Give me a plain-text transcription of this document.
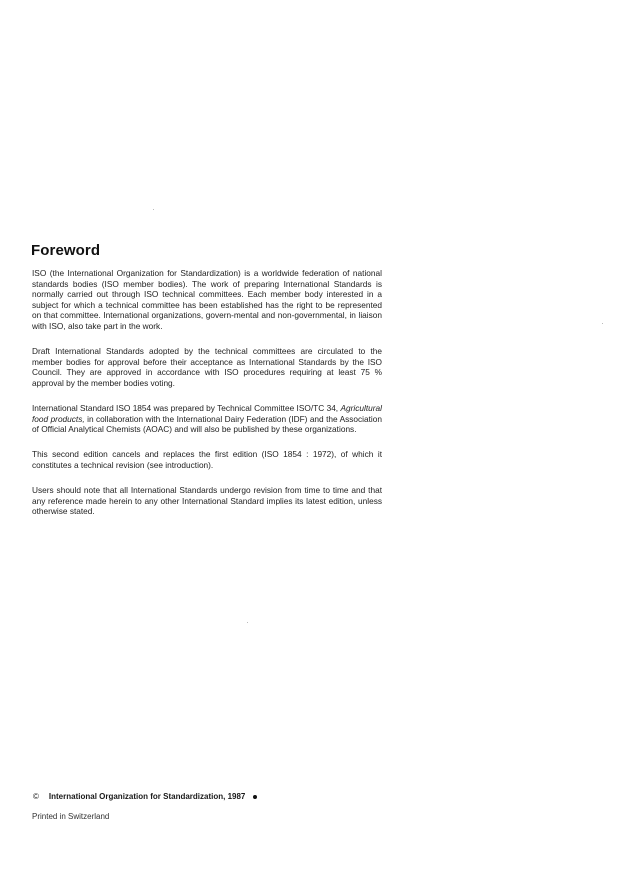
Foreword

ISO (the International Organization for Standardization) is a worldwide federation of national standards bodies (ISO member bodies). The work of preparing International Standards is normally carried out through ISO technical committees. Each member body interested in a subject for which a technical committee has been established has the right to be represented on that committee. International organizations, govern-mental and non-governmental, in liaison with ISO, also take part in the work.

Draft International Standards adopted by the technical committees are circulated to the member bodies for approval before their acceptance as International Standards by the ISO Council. They are approved in accordance with ISO procedures requiring at least 75 % approval by the member bodies voting.

International Standard ISO 1854 was prepared by Technical Committee ISO/TC 34, Agricultural food products, in collaboration with the International Dairy Federation (IDF) and the Association of Official Analytical Chemists (AOAC) and will also be published by these organizations.

This second edition cancels and replaces the first edition (ISO 1854 : 1972), of which it constitutes a technical revision (see introduction).

Users should note that all International Standards undergo revision from time to time and that any reference made herein to any other International Standard implies its latest edition, unless otherwise stated.

© International Organization for Standardization, 1987
Printed in Switzerland
